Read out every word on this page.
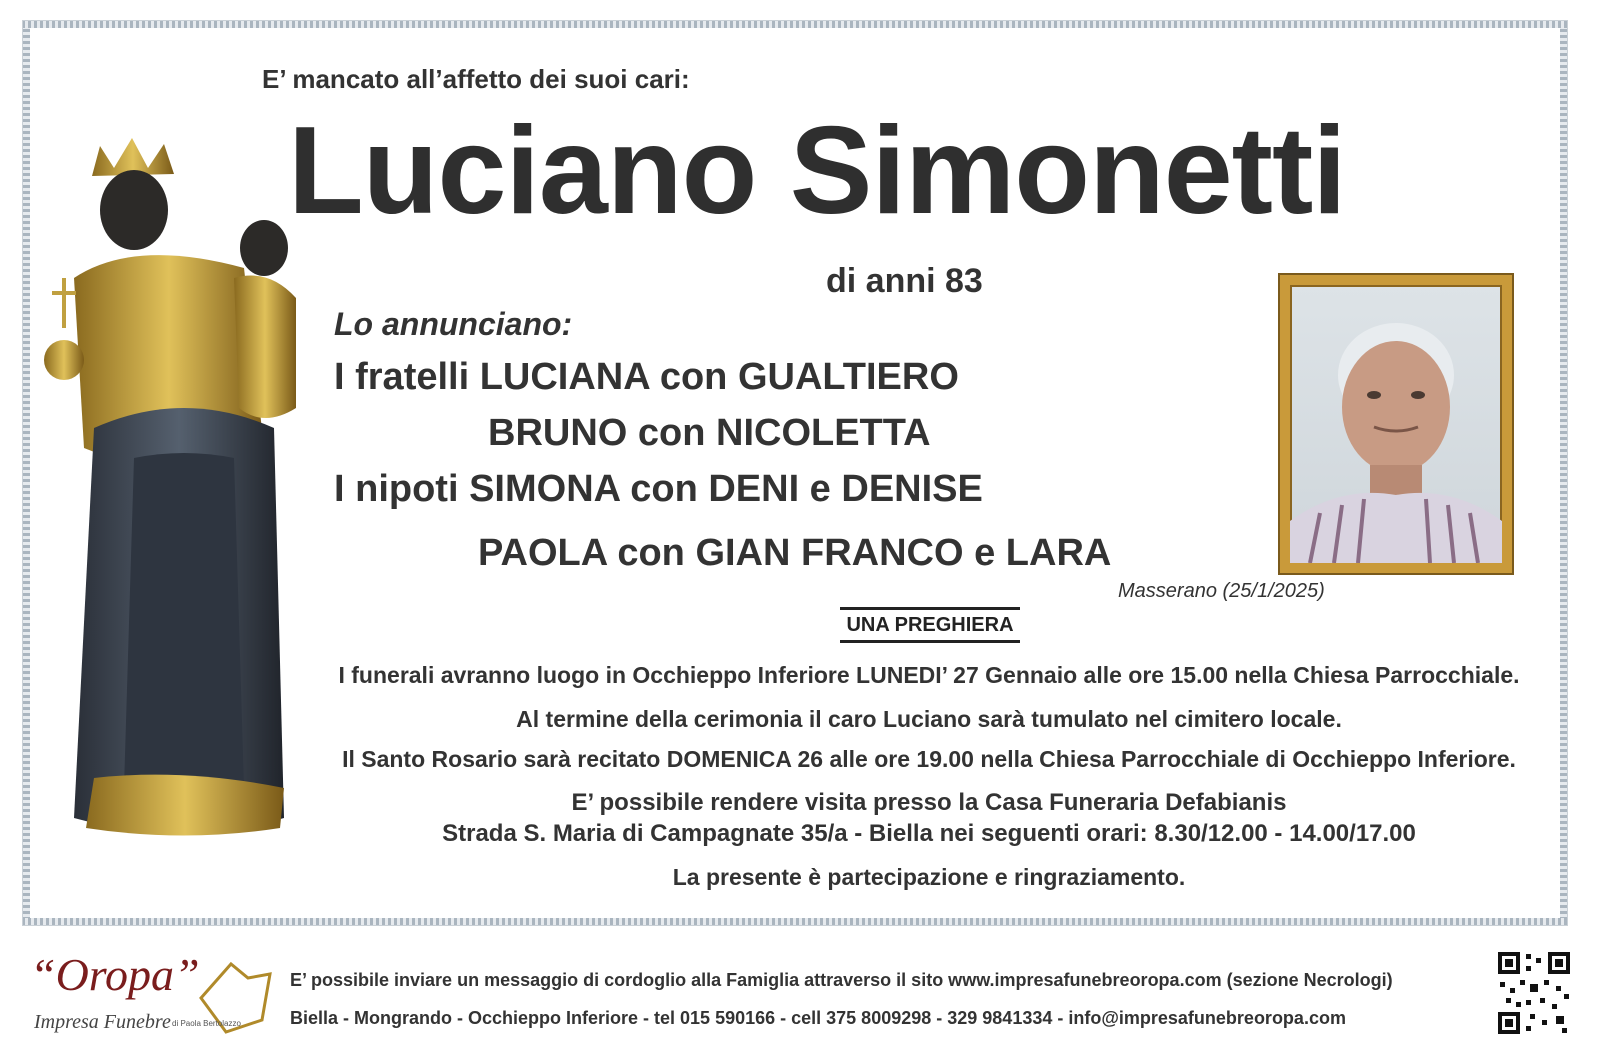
E’ mancato all’affetto dei suoi cari:
Luciano Simonetti
di anni 83
Lo annunciano:
I fratelli LUCIANA con GUALTIERO
BRUNO con NICOLETTA
I nipoti SIMONA con DENI e DENISE
PAOLA con GIAN FRANCO e LARA
Masserano (25/1/2025)
UNA PREGHIERA
I funerali avranno luogo in Occhieppo Inferiore LUNEDI’ 27 Gennaio alle ore 15.00 nella Chiesa Parrocchiale.
Al termine della cerimonia il caro Luciano sarà tumulato nel cimitero locale.
Il Santo Rosario sarà recitato DOMENICA 26 alle ore 19.00 nella Chiesa Parrocchiale di Occhieppo Inferiore.
E’ possibile rendere visita presso la Casa Funeraria Defabianis
Strada S. Maria di Campagnate 35/a - Biella nei seguenti orari: 8.30/12.00 - 14.00/17.00
La presente è partecipazione e ringraziamento.
“Oropa”
Impresa Funebre di Paola Bertolazzo
E’ possibile inviare un messaggio di cordoglio alla Famiglia attraverso il sito www.impresafunebreoropa.com (sezione Necrologi)
Biella - Mongrando - Occhieppo Inferiore - tel 015 590166 - cell 375 8009298 - 329 9841334 - info@impresafunebreoropa.com
